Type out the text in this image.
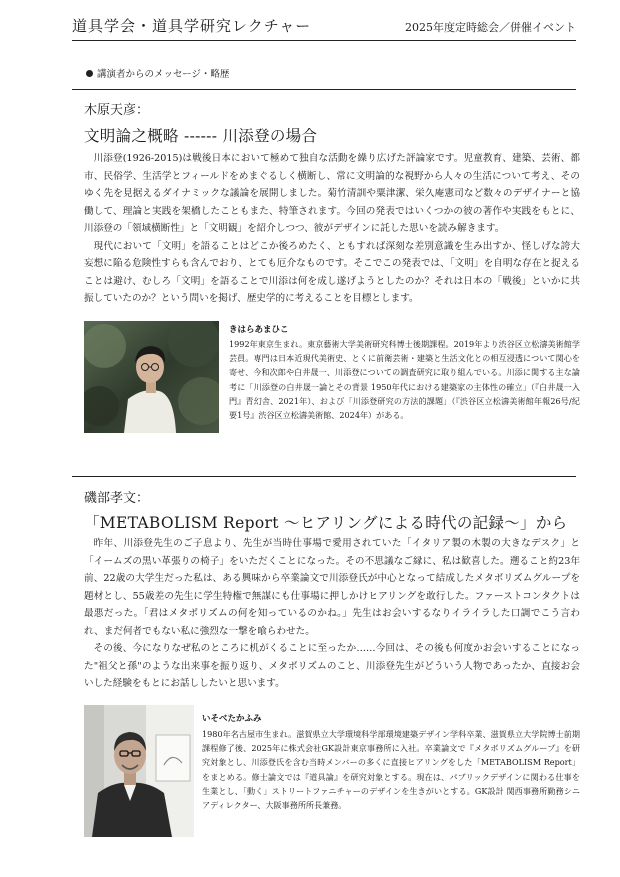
道具学会・道具学研究レクチャー	2025年度定時総会／併催イベント
講演者からのメッセージ・略歴
木原天彦：
文明論之概略 ------ 川添登の場合

川添登(1926-2015)は戦後日本において極めて独自な活動を繰り広げた評論家です。児童教育、建築、芸術、都市、民俗学、生活学とフィールドをめまぐるしく横断し、常に文明論的な視野から人々の生活について考え、そのゆく先を見据えるダイナミックな議論を展開しました。菊竹清訓や粟津潔、栄久庵憲司など数々のデザイナーと協働して、理論と実践を架橋したこともまた、特筆されます。今回の発表ではいくつかの彼の著作や実践をもとに、川添登の「領域横断性」と「文明観」を紹介しつつ、彼がデザインに託した思いを読み解きます。

現代において「文明」を語ることはどこか後ろめたく、ともすれば深刻な差別意識を生み出すか、怪しげな誇大妄想に陥る危険性すらも含んでおり、とても厄介なものです。そこでこの発表では、「文明」を自明な存在と捉えることは避け、むしろ「文明」を語ることで川添は何を成し遂げようとしたのか？それは日本の「戦後」といかに共振していたのか？という問いを掲げ、歴史学的に考えることを目標とします。

きはらあまひこ
1992年東京生まれ。東京藝術大学美術研究科博士後期課程。2019年より渋谷区立松濤美術館学芸員。専門は日本近現代美術史、とくに前衛芸術・建築と生活文化との相互浸透について関心を寄せ、今和次郎や白井晟一、川添登についての調査研究に取り組んでいる。川添に関する主な論考に「川添登の白井晟一論とその背景 1950年代における建築家の主体性の確立」（『白井晟一入門』青幻舎、2021年）、および「川添登研究の方法的課題」（『渋谷区立松濤美術館年報26号/紀要1号』渋谷区立松濤美術館、2024年）がある。
磯部孝文：
「METABOLISM Report 〜ヒアリングによる時代の記録〜」から

昨年、川添登先生のご子息より、先生が当時仕事場で愛用されていた「イタリア製の木製の大きなデスク」と「イームズの黒い革張りの椅子」をいただくことになった。その不思議なご縁に、私は歓喜した。遡ること約23年前、22歳の大学生だった私は、ある興味から卒業論文で川添登氏が中心となって結成したメタボリズムグループを題材とし、55歳差の先生に学生特権で無謀にも仕事場に押しかけヒアリングを敢行した。ファーストコンタクトは最悪だった。「君はメタボリズムの何を知っているのかね。」先生はお会いするなりイライラした口調でこう言われ、まだ何者でもない私に強烈な一撃を喰らわせた。

その後、今になりなぜ私のところに机がくることに至ったか……今回は、その後も何度かお会いすることになった"祖父と孫"のような出来事を振り返り、メタボリズムのこと、川添登先生がどういう人物であったか、直接お会いした経験をもとにお話ししたいと思います。

いそべたかふみ
1980年名古屋市生まれ。滋賀県立大学環境科学部環境建築デザイン学科卒業、滋賀県立大学院博士前期課程修了後、2025年に株式会社GK設計東京事務所に入社。卒業論文で『メタボリズムグループ』を研究対象とし、川添登氏を含む当時メンバーの多くに直接ヒアリングをした「METABOLISM Report」をまとめる。修士論文では『道具論』を研究対象とする。現在は、パブリックデザインに関わる仕事を生業とし、「動く」ストリートファニチャーのデザインを生きがいとする。GK設計 関西事務所勤務シニアディレクター、大阪事務所所長兼務。
